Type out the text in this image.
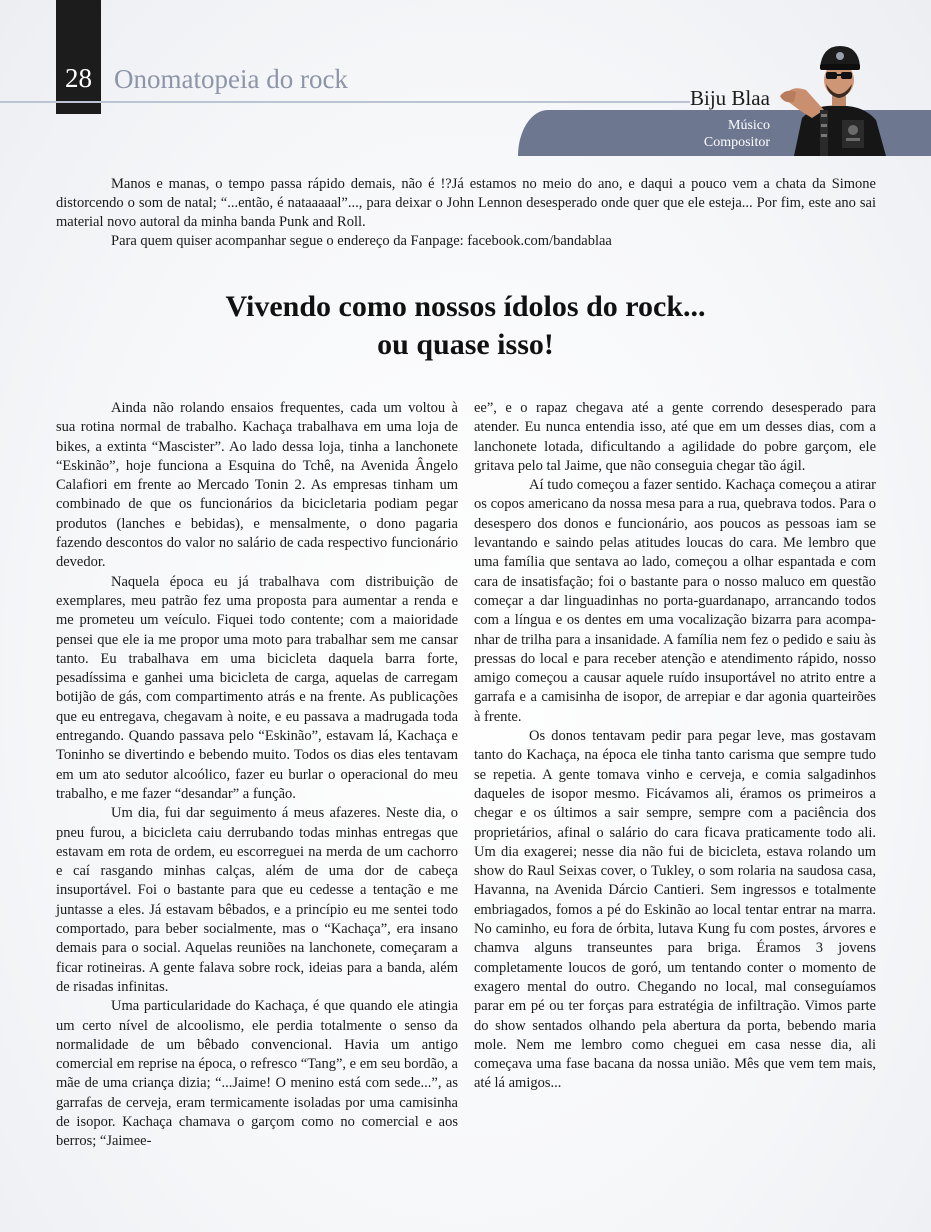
28 Onomatopeia do rock
Biju Blaa
Músico
Compositor

Manos e manas, o tempo passa rápido demais, não é !?Já estamos no meio do ano, e daqui a pouco vem a chata da Simone distorcendo o som de natal; “...então, é nataaaaal”..., para deixar o John Lennon desesperado onde quer que ele esteja... Por fim, este ano sai material novo autoral da minha banda Punk and Roll.

Para quem quiser acompanhar segue o endereço da Fanpage: facebook.com/bandablaa

Vivendo como nossos ídolos do rock...
ou quase isso!

Ainda não rolando ensaios frequentes, cada um voltou à sua rotina normal de trabalho. Kachaça trabalhava em uma loja de bikes, a extinta “Mascister”. Ao lado dessa loja, tinha a lanchonete “Eskinão”, hoje funciona a Esquina do Tchê, na Avenida Ângelo Calafiori em frente ao Mercado Tonin 2. As empresas tinham um combinado de que os funcionários da bicicletaria podiam pegar produtos (lanches e bebidas), e mensalmente, o dono pagaria fazendo descontos do valor no salário de cada respectivo funcionário devedor.

Naquela época eu já trabalhava com distribuição de exemplares, meu patrão fez uma proposta para aumentar a renda e me prometeu um veículo. Fiquei todo contente; com a maioridade pensei que ele ia me propor uma moto para trabalhar sem me cansar tanto. Eu trabalhava em uma bicicleta daquela barra forte, pesadíssima e ganhei uma bicicleta de carga, aquelas de carregam botijão de gás, com compartimento atrás e na frente. As publicações que eu entregava, chegavam à noite, e eu passava a madrugada toda entregando. Quando passava pelo “Eskinão”, estavam lá, Kachaça e Toninho se divertindo e bebendo muito. Todos os dias eles tentavam em um ato sedutor alcoólico, fazer eu burlar o operacional do meu trabalho, e me fazer “desandar” a função.

Um dia, fui dar seguimento á meus afazeres. Neste dia, o pneu furou, a bicicleta caiu derrubando todas minhas entregas que estavam em rota de ordem, eu escorreguei na merda de um cachorro e caí rasgando minhas calças, além de uma dor de cabeça insuportável. Foi o bastante para que eu cedesse a tentação e me juntasse a eles. Já estavam bêbados, e a princípio eu me sentei todo comportado, para beber socialmente, mas o “Kachaça”, era insano demais para o social. Aquelas reuniões na lanchonete, começaram a ficar rotineiras. A gente falava sobre rock, ideias para a banda, além de risadas infinitas.

Uma particularidade do Kachaça, é que quando ele atingia um certo nível de alcoolismo, ele perdia totalmente o senso da normalidade de um bêbado convencional. Havia um antigo comercial em reprise na época, o refresco “Tang”, e em seu bordão, a mãe de uma criança dizia; “...Jaime! O menino está com sede...”, as garrafas de cerveja, eram termicamente isoladas por uma camisinha de isopor. Kachaça chamava o garçom como no comercial e aos berros; “Jaimee-

ee”, e o rapaz chegava até a gente correndo desesperado para atender. Eu nunca entendia isso, até que em um desses dias, com a lanchonete lotada, dificultando a agilidade do pobre garçom, ele gritava pelo tal Jaime, que não conseguia chegar tão ágil.

Aí tudo começou a fazer sentido. Kachaça começou a atirar os copos americano da nossa mesa para a rua, quebrava todos. Para o desespero dos donos e funcionário, aos poucos as pessoas iam se levantando e saindo pelas atitudes loucas do cara. Me lembro que uma família que sentava ao lado, começou a olhar espantada e com cara de insatisfação; foi o bastante para o nosso maluco em questão começar a dar linguadinhas no porta-guardanapo, arrancando todos com a língua e os dentes em uma vocalização bizarra para acompanhar de trilha para a insanidade. A família nem fez o pedido e saiu às pressas do local e para receber atenção e atendimento rápido, nosso amigo começou a causar aquele ruído insuportável no atrito entre a garrafa e a camisinha de isopor, de arrepiar e dar agonia quarteirões à frente.

Os donos tentavam pedir para pegar leve, mas gostavam tanto do Kachaça, na época ele tinha tanto carisma que sempre tudo se repetia. A gente tomava vinho e cerveja, e comia salgadinhos daqueles de isopor mesmo. Ficávamos ali, éramos os primeiros a chegar e os últimos a sair sempre, sempre com a paciência dos proprietários, afinal o salário do cara ficava praticamente todo ali. Um dia exagerei; nesse dia não fui de bicicleta, estava rolando um show do Raul Seixas cover, o Tukley, o som rolaria na saudosa casa, Havanna, na Avenida Dárcio Cantieri. Sem ingressos e totalmente embriagados, fomos a pé do Eskinão ao local tentar entrar na marra. No caminho, eu fora de órbita, lutava Kung fu com postes, árvores e chamva alguns transeuntes para briga. Éramos 3 jovens completamente loucos de goró, um tentando conter o momento de exagero mental do outro. Chegando no local, mal conseguíamos parar em pé ou ter forças para estratégia de infiltração. Vimos parte do show sentados olhando pela abertura da porta, bebendo maria mole. Nem me lembro como cheguei em casa nesse dia, ali começava uma fase bacana da nossa união. Mês que vem tem mais, até lá amigos...
